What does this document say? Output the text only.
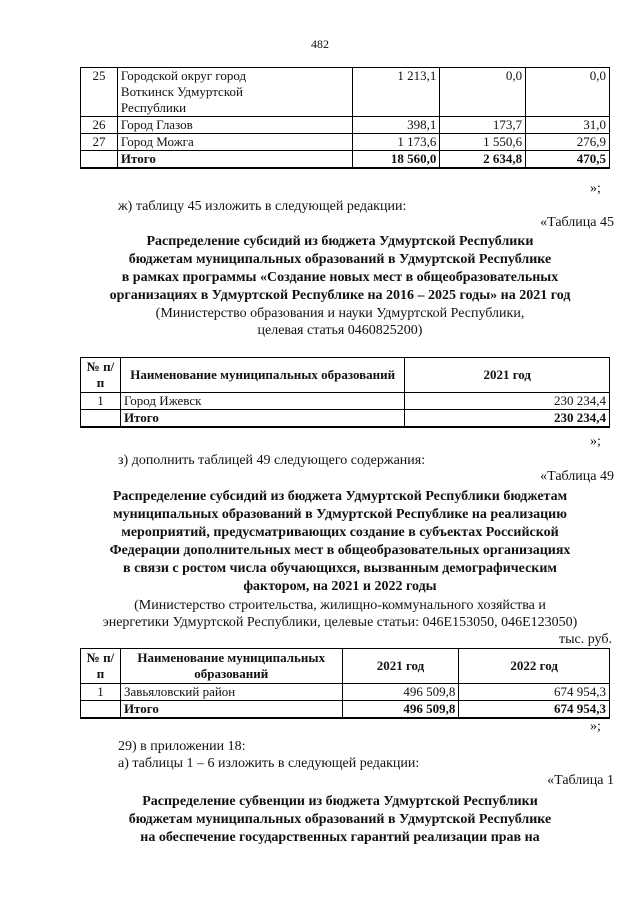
482
25	Городской округ город Воткинск Удмуртской Республики	1 213,1	0,0	0,0
26	Город Глазов	398,1	173,7	31,0
27	Город Можга	1 173,6	1 550,6	276,9
	Итого	18 560,0	2 634,8	470,5
»;
ж) таблицу 45 изложить в следующей редакции:
«Таблица 45
Распределение субсидий из бюджета Удмуртской Республики
бюджетам муниципальных образований в Удмуртской Республике
в рамках программы «Создание новых мест в общеобразовательных
организациях в Удмуртской Республике на 2016 – 2025 годы» на 2021 год
(Министерство образования и науки Удмуртской Республики,
целевая статья 0460825200)
№ п/п	Наименование муниципальных образований	2021 год
1	Город Ижевск	230 234,4
	Итого	230 234,4
»;
з) дополнить таблицей 49 следующего содержания:
«Таблица 49
Распределение субсидий из бюджета Удмуртской Республики бюджетам
муниципальных образований в Удмуртской Республике на реализацию
мероприятий, предусматривающих создание в субъектах Российской
Федерации дополнительных мест в общеобразовательных организациях
в связи с ростом числа обучающихся, вызванным демографическим
фактором, на 2021 и 2022 годы
(Министерство строительства, жилищно-коммунального хозяйства и
энергетики Удмуртской Республики, целевые статьи: 046E153050, 046E123050)
тыс. руб.
№ п/п	Наименование муниципальных образований	2021 год	2022 год
1	Завьяловский район	496 509,8	674 954,3
	Итого	496 509,8	674 954,3
»;
29) в приложении 18:
а) таблицы 1 – 6 изложить в следующей редакции:
«Таблица 1
Распределение субвенции из бюджета Удмуртской Республики
бюджетам муниципальных образований в Удмуртской Республике
на обеспечение государственных гарантий реализации прав на
